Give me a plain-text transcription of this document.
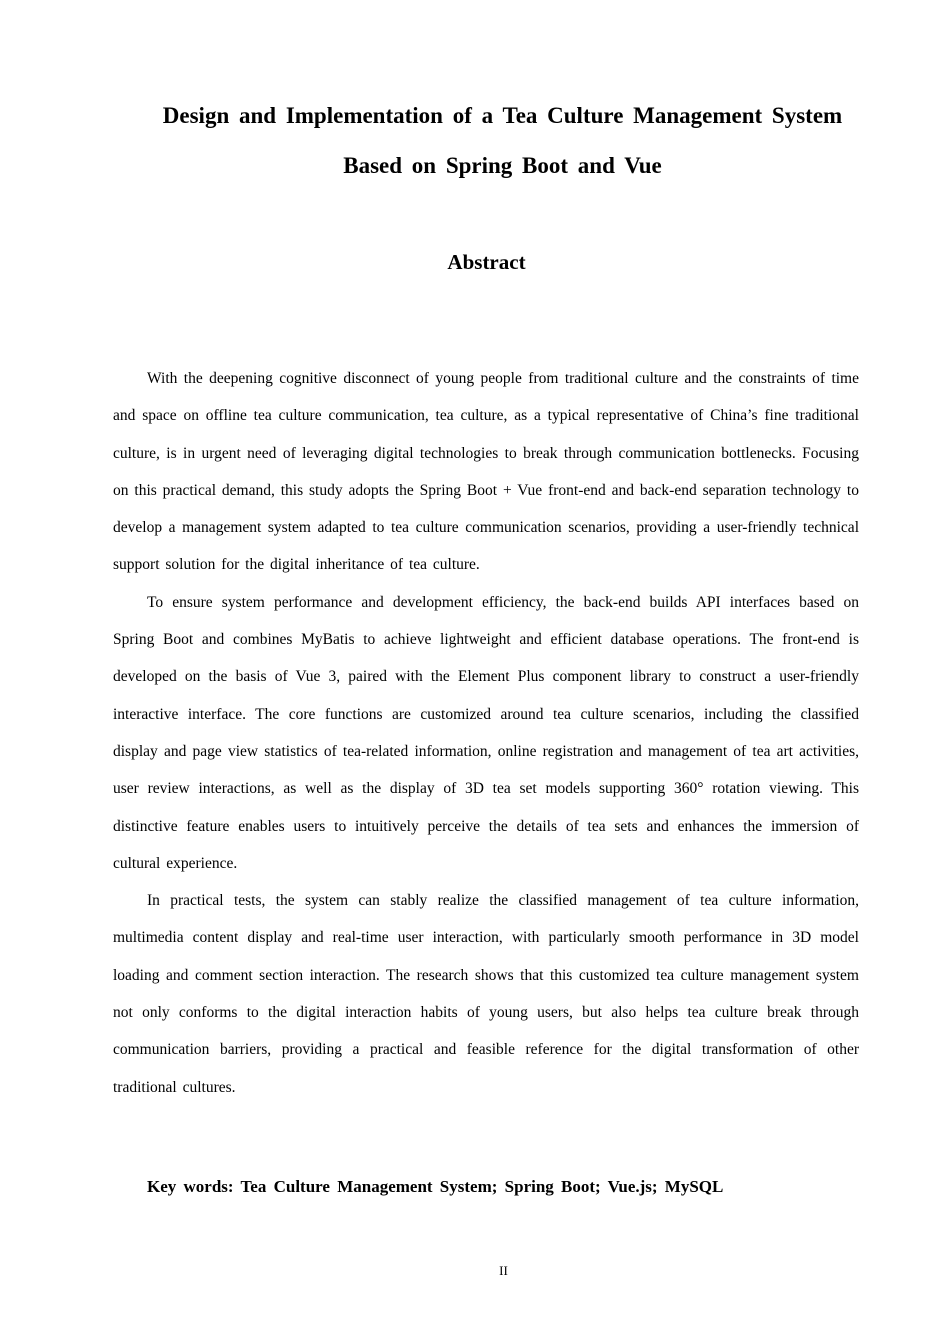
Design and Implementation of a Tea Culture Management System Based on Spring Boot and Vue
Abstract

With the deepening cognitive disconnect of young people from traditional culture and the constraints of time and space on offline tea culture communication, tea culture, as a typical representative of China’s fine traditional culture, is in urgent need of leveraging digital technologies to break through communication bottlenecks. Focusing on this practical demand, this study adopts the Spring Boot + Vue front-end and back-end separation technology to develop a management system adapted to tea culture communication scenarios, providing a user-friendly technical support solution for the digital inheritance of tea culture.

To ensure system performance and development efficiency, the back-end builds API interfaces based on Spring Boot and combines MyBatis to achieve lightweight and efficient database operations. The front-end is developed on the basis of Vue 3, paired with the Element Plus component library to construct a user-friendly interactive interface. The core functions are customized around tea culture scenarios, including the classified display and page view statistics of tea-related information, online registration and management of tea art activities, user review interactions, as well as the display of 3D tea set models supporting 360° rotation viewing. This distinctive feature enables users to intuitively perceive the details of tea sets and enhances the immersion of cultural experience.

In practical tests, the system can stably realize the classified management of tea culture information, multimedia content display and real-time user interaction, with particularly smooth performance in 3D model loading and comment section interaction. The research shows that this customized tea culture management system not only conforms to the digital interaction habits of young users, but also helps tea culture break through communication barriers, providing a practical and feasible reference for the digital transformation of other traditional cultures.

Key words: Tea Culture Management System; Spring Boot; Vue.js; MySQL

II
